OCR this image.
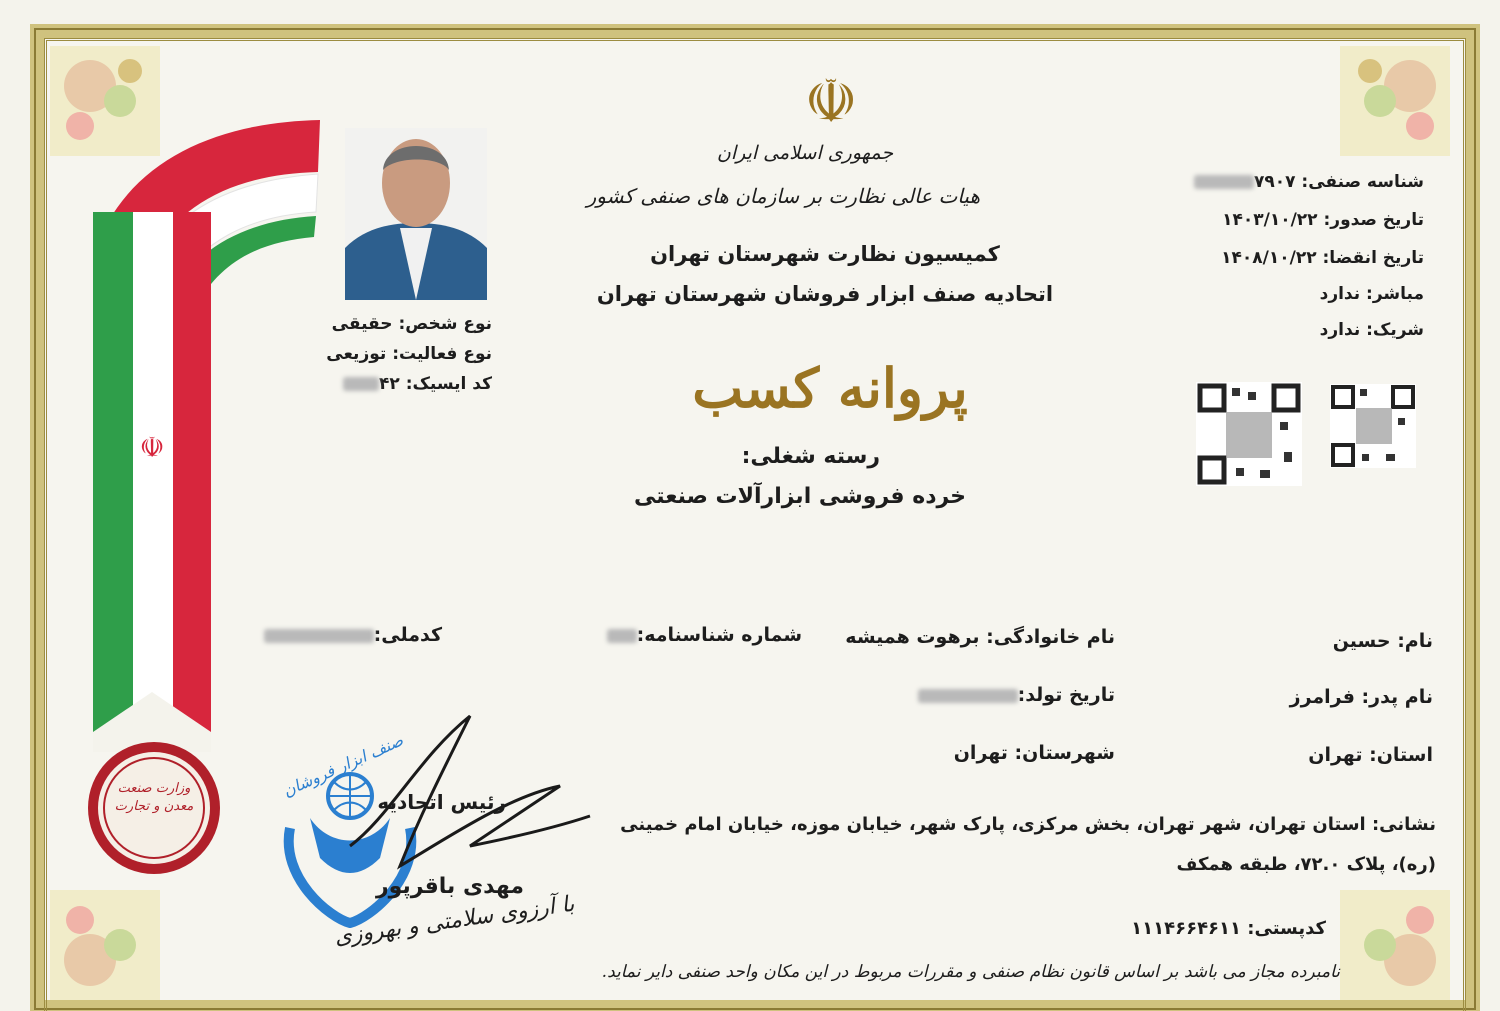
☫
وزارت صنعت معدن و تجارت
☫
جمهوری اسلامی ایران
هیات عالی نظارت بر سازمان های صنفی کشور
کمیسیون نظارت شهرستان تهران
اتحادیه صنف ابزار فروشان شهرستان تهران
پروانه کسب
رسته شغلی:
خرده فروشی ابزارآلات صنعتی
نوع شخص: حقیقی
نوع فعالیت: توزیعی
کد ایسیک: ۴۲
شناسه صنفی: ۷۹۰۷
تاریخ صدور: ۱۴۰۳/۱۰/۲۲
تاریخ انقضا: ۱۴۰۸/۱۰/۲۲
مباشر: ندارد
شریک: ندارد
نام: حسین
نام خانوادگی: برهوت همیشه
شماره شناسنامه:
کدملی:
نام پدر: فرامرز
تاریخ تولد:
استان: تهران
شهرستان: تهران
نشانی: استان تهران، شهر تهران، بخش مرکزی، پارک شهر، خیابان موزه، خیابان امام خمینی
(ره)، پلاک ۷۲.۰، طبقه همکف
کدپستی: ۱۱۱۴۶۶۴۶۱۱
نامبرده مجاز می باشد بر اساس قانون نظام صنفی و مقررات مربوط در این مکان واحد صنفی دایر نماید.
صنف ابزار فروشان
رئیس اتحادیه
مهدی باقرپور
با آرزوی سلامتی و بهروزی
